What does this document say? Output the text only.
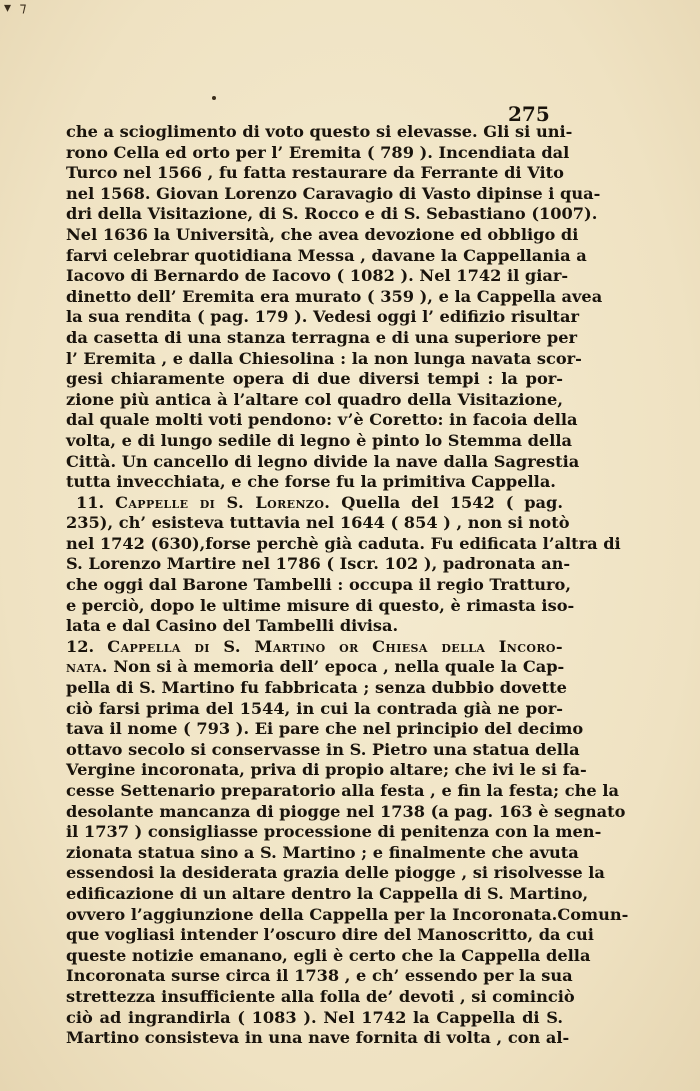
▾ ⁊
275
che a scioglimento di voto questo si elevasse. Gli si uni-
rono Cella ed orto per l’ Eremita ( 789 ). Incendiata dal
Turco nel 1566 , fu fatta restaurare da Ferrante di Vito
nel 1568. Giovan Lorenzo Caravagio di Vasto dipinse i qua-
dri della Visitazione, di S. Rocco e di S. Sebastiano (1007).
Nel 1636 la Università, che avea devozione ed obbligo di
farvi celebrar quotidiana Messa , davane la Cappellania a
Iacovo di Bernardo de Iacovo ( 1082 ). Nel 1742 il giar-
dinetto dell’ Eremita era murato ( 359 ), e la Cappella avea
la sua rendita ( pag. 179 ). Vedesi oggi l’ edifizio risultar
da casetta di una stanza terragna e di una superiore per
l’ Eremita , e dalla Chiesolina : la non lunga navata scor-
gesi chiaramente opera di due diversi tempi : la por-
zione più antica à l’altare col quadro della Visitazione,
dal quale molti voti pendono: v’è Coretto: in facoia della
volta, e di lungo sedile di legno è pinto lo Stemma della
Città. Un cancello di legno divide la nave dalla Sagrestia
tutta invecchiata, e che forse fu la primitiva Cappella.
11. Cappelle di S. Lorenzo. Quella del 1542 ( pag.
235), ch’ esisteva tuttavia nel 1644 ( 854 ) , non si notò
nel 1742 (630),forse perchè già caduta. Fu edificata l’altra di
S. Lorenzo Martire nel 1786 ( Iscr. 102 ), padronata an-
che oggi dal Barone Tambelli : occupa il regio Tratturo,
e perciò, dopo le ultime misure di questo, è rimasta iso-
lata e dal Casino del Tambelli divisa.
12. Cappella di S. Martino or Chiesa della Incoro-
nata. Non si à memoria dell’ epoca , nella quale la Cap-
pella di S. Martino fu fabbricata ; senza dubbio dovette
ciò farsi prima del 1544, in cui la contrada già ne por-
tava il nome ( 793 ). Ei pare che nel principio del decimo
ottavo secolo si conservasse in S. Pietro una statua della
Vergine incoronata, priva di propio altare; che ivi le si fa-
cesse Settenario preparatorio alla festa , e fin la festa; che la
desolante mancanza di piogge nel 1738 (a pag. 163 è segnato
il 1737 ) consigliasse processione di penitenza con la men-
zionata statua sino a S. Martino ; e finalmente che avuta
essendosi la desiderata grazia delle piogge , si risolvesse la
edificazione di un altare dentro la Cappella di S. Martino,
ovvero l’aggiunzione della Cappella per la Incoronata.Comun-
que vogliasi intender l’oscuro dire del Manoscritto, da cui
queste notizie emanano, egli è certo che la Cappella della
Incoronata surse circa il 1738 , e ch’ essendo per la sua
strettezza insufficiente alla folla de’ devoti , si cominciò
ciò ad ingrandirla ( 1083 ). Nel 1742 la Cappella di S.
Martino consisteva in una nave fornita di volta , con al-
